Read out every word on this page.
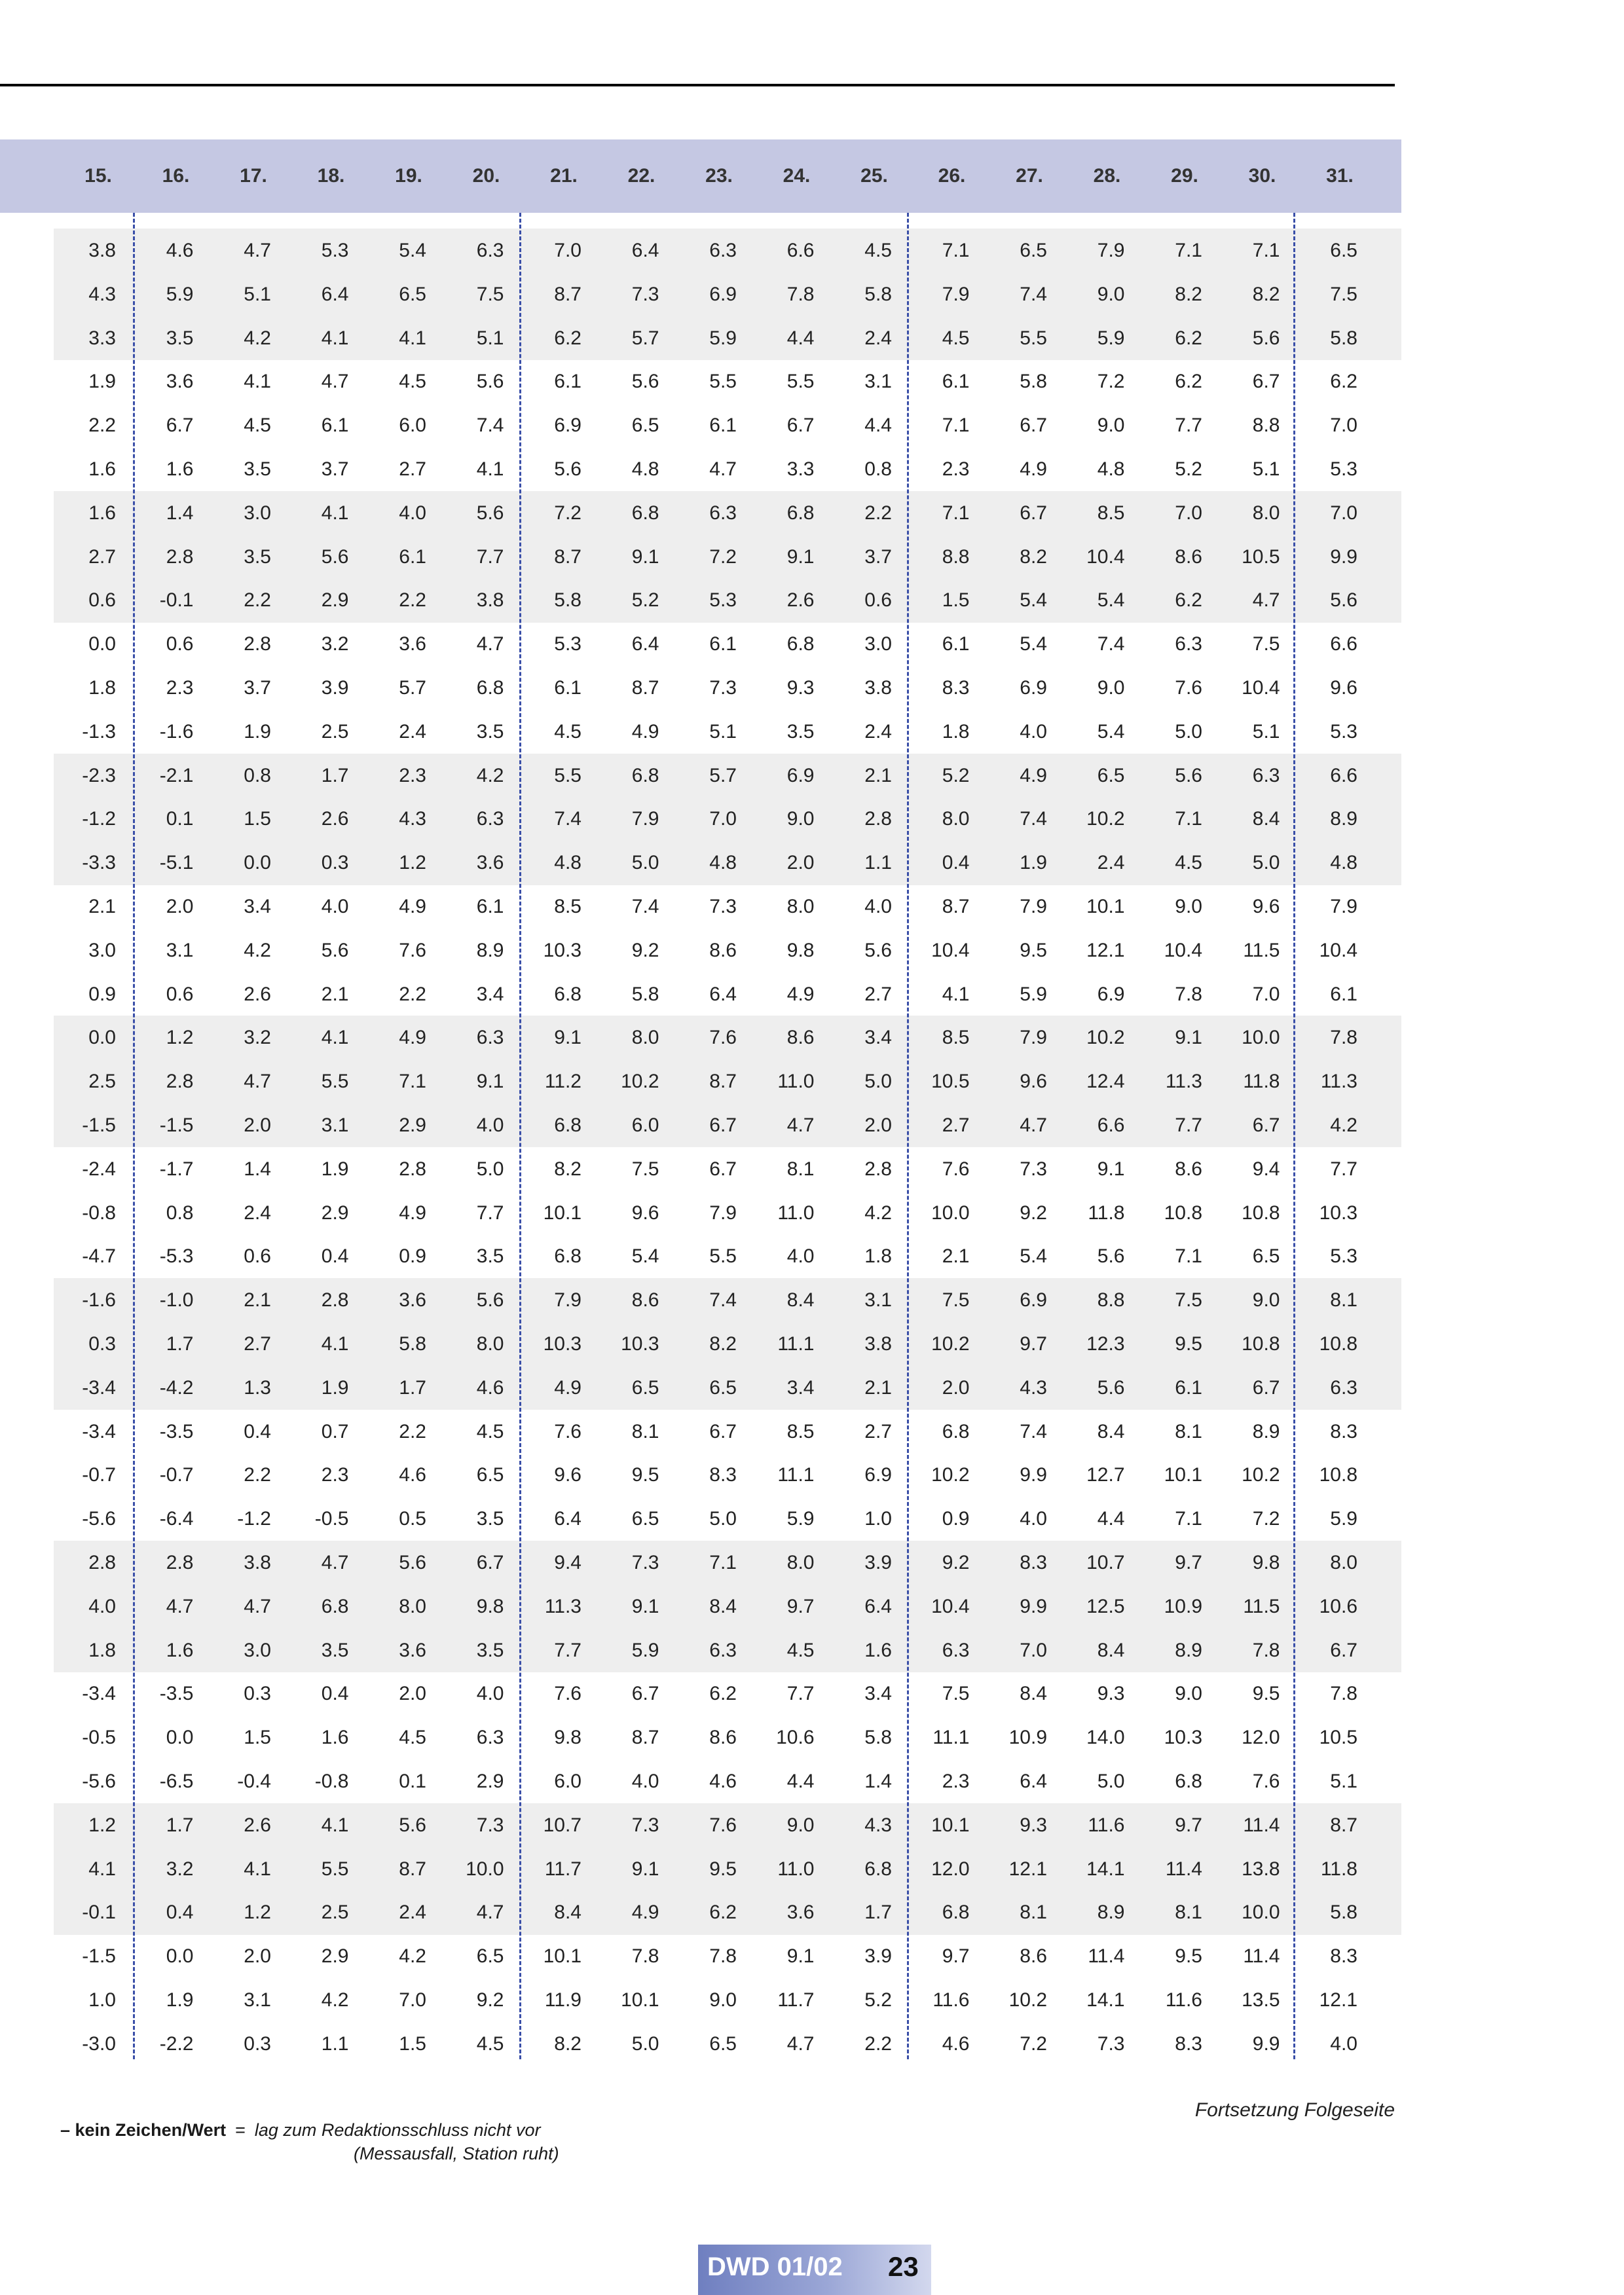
15.	16.	17.	18.	19.	20.	21.	22.	23.	24.	25.	26.	27.	28.	29.	30.	31.
3.8	4.6	4.7	5.3	5.4	6.3	7.0	6.4	6.3	6.6	4.5	7.1	6.5	7.9	7.1	7.1	6.5
4.3	5.9	5.1	6.4	6.5	7.5	8.7	7.3	6.9	7.8	5.8	7.9	7.4	9.0	8.2	8.2	7.5
3.3	3.5	4.2	4.1	4.1	5.1	6.2	5.7	5.9	4.4	2.4	4.5	5.5	5.9	6.2	5.6	5.8
1.9	3.6	4.1	4.7	4.5	5.6	6.1	5.6	5.5	5.5	3.1	6.1	5.8	7.2	6.2	6.7	6.2
2.2	6.7	4.5	6.1	6.0	7.4	6.9	6.5	6.1	6.7	4.4	7.1	6.7	9.0	7.7	8.8	7.0
1.6	1.6	3.5	3.7	2.7	4.1	5.6	4.8	4.7	3.3	0.8	2.3	4.9	4.8	5.2	5.1	5.3
1.6	1.4	3.0	4.1	4.0	5.6	7.2	6.8	6.3	6.8	2.2	7.1	6.7	8.5	7.0	8.0	7.0
2.7	2.8	3.5	5.6	6.1	7.7	8.7	9.1	7.2	9.1	3.7	8.8	8.2	10.4	8.6	10.5	9.9
0.6	-0.1	2.2	2.9	2.2	3.8	5.8	5.2	5.3	2.6	0.6	1.5	5.4	5.4	6.2	4.7	5.6
0.0	0.6	2.8	3.2	3.6	4.7	5.3	6.4	6.1	6.8	3.0	6.1	5.4	7.4	6.3	7.5	6.6
1.8	2.3	3.7	3.9	5.7	6.8	6.1	8.7	7.3	9.3	3.8	8.3	6.9	9.0	7.6	10.4	9.6
-1.3	-1.6	1.9	2.5	2.4	3.5	4.5	4.9	5.1	3.5	2.4	1.8	4.0	5.4	5.0	5.1	5.3
-2.3	-2.1	0.8	1.7	2.3	4.2	5.5	6.8	5.7	6.9	2.1	5.2	4.9	6.5	5.6	6.3	6.6
-1.2	0.1	1.5	2.6	4.3	6.3	7.4	7.9	7.0	9.0	2.8	8.0	7.4	10.2	7.1	8.4	8.9
-3.3	-5.1	0.0	0.3	1.2	3.6	4.8	5.0	4.8	2.0	1.1	0.4	1.9	2.4	4.5	5.0	4.8
2.1	2.0	3.4	4.0	4.9	6.1	8.5	7.4	7.3	8.0	4.0	8.7	7.9	10.1	9.0	9.6	7.9
3.0	3.1	4.2	5.6	7.6	8.9	10.3	9.2	8.6	9.8	5.6	10.4	9.5	12.1	10.4	11.5	10.4
0.9	0.6	2.6	2.1	2.2	3.4	6.8	5.8	6.4	4.9	2.7	4.1	5.9	6.9	7.8	7.0	6.1
0.0	1.2	3.2	4.1	4.9	6.3	9.1	8.0	7.6	8.6	3.4	8.5	7.9	10.2	9.1	10.0	7.8
2.5	2.8	4.7	5.5	7.1	9.1	11.2	10.2	8.7	11.0	5.0	10.5	9.6	12.4	11.3	11.8	11.3
-1.5	-1.5	2.0	3.1	2.9	4.0	6.8	6.0	6.7	4.7	2.0	2.7	4.7	6.6	7.7	6.7	4.2
-2.4	-1.7	1.4	1.9	2.8	5.0	8.2	7.5	6.7	8.1	2.8	7.6	7.3	9.1	8.6	9.4	7.7
-0.8	0.8	2.4	2.9	4.9	7.7	10.1	9.6	7.9	11.0	4.2	10.0	9.2	11.8	10.8	10.8	10.3
-4.7	-5.3	0.6	0.4	0.9	3.5	6.8	5.4	5.5	4.0	1.8	2.1	5.4	5.6	7.1	6.5	5.3
-1.6	-1.0	2.1	2.8	3.6	5.6	7.9	8.6	7.4	8.4	3.1	7.5	6.9	8.8	7.5	9.0	8.1
0.3	1.7	2.7	4.1	5.8	8.0	10.3	10.3	8.2	11.1	3.8	10.2	9.7	12.3	9.5	10.8	10.8
-3.4	-4.2	1.3	1.9	1.7	4.6	4.9	6.5	6.5	3.4	2.1	2.0	4.3	5.6	6.1	6.7	6.3
-3.4	-3.5	0.4	0.7	2.2	4.5	7.6	8.1	6.7	8.5	2.7	6.8	7.4	8.4	8.1	8.9	8.3
-0.7	-0.7	2.2	2.3	4.6	6.5	9.6	9.5	8.3	11.1	6.9	10.2	9.9	12.7	10.1	10.2	10.8
-5.6	-6.4	-1.2	-0.5	0.5	3.5	6.4	6.5	5.0	5.9	1.0	0.9	4.0	4.4	7.1	7.2	5.9
2.8	2.8	3.8	4.7	5.6	6.7	9.4	7.3	7.1	8.0	3.9	9.2	8.3	10.7	9.7	9.8	8.0
4.0	4.7	4.7	6.8	8.0	9.8	11.3	9.1	8.4	9.7	6.4	10.4	9.9	12.5	10.9	11.5	10.6
1.8	1.6	3.0	3.5	3.6	3.5	7.7	5.9	6.3	4.5	1.6	6.3	7.0	8.4	8.9	7.8	6.7
-3.4	-3.5	0.3	0.4	2.0	4.0	7.6	6.7	6.2	7.7	3.4	7.5	8.4	9.3	9.0	9.5	7.8
-0.5	0.0	1.5	1.6	4.5	6.3	9.8	8.7	8.6	10.6	5.8	11.1	10.9	14.0	10.3	12.0	10.5
-5.6	-6.5	-0.4	-0.8	0.1	2.9	6.0	4.0	4.6	4.4	1.4	2.3	6.4	5.0	6.8	7.6	5.1
1.2	1.7	2.6	4.1	5.6	7.3	10.7	7.3	7.6	9.0	4.3	10.1	9.3	11.6	9.7	11.4	8.7
4.1	3.2	4.1	5.5	8.7	10.0	11.7	9.1	9.5	11.0	6.8	12.0	12.1	14.1	11.4	13.8	11.8
-0.1	0.4	1.2	2.5	2.4	4.7	8.4	4.9	6.2	3.6	1.7	6.8	8.1	8.9	8.1	10.0	5.8
-1.5	0.0	2.0	2.9	4.2	6.5	10.1	7.8	7.8	9.1	3.9	9.7	8.6	11.4	9.5	11.4	8.3
1.0	1.9	3.1	4.2	7.0	9.2	11.9	10.1	9.0	11.7	5.2	11.6	10.2	14.1	11.6	13.5	12.1
-3.0	-2.2	0.3	1.1	1.5	4.5	8.2	5.0	6.5	4.7	2.2	4.6	7.2	7.3	8.3	9.9	4.0
Fortsetzung Folgeseite
– kein Zeichen/Wert = lag zum Redaktionsschluss nicht vor
(Messausfall, Station ruht)
DWD 01/02 23
